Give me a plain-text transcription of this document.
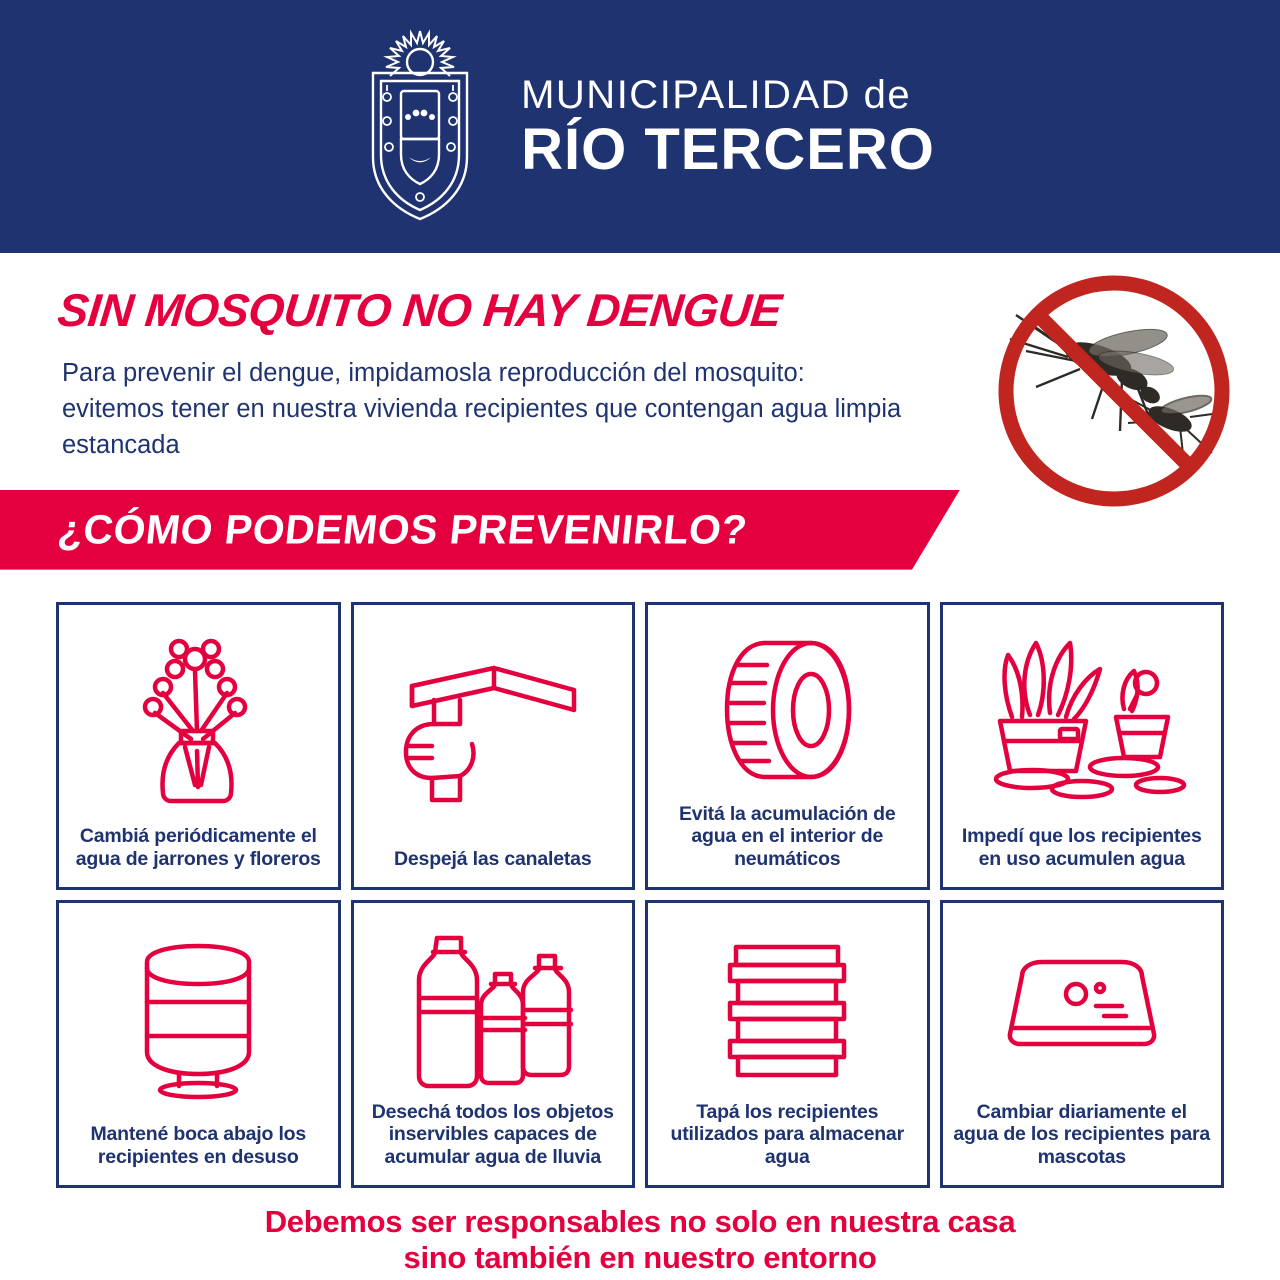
MUNICIPALIDAD de
RÍO TERCERO
SIN MOSQUITO NO HAY DENGUE

Para prevenir el dengue, impidamosla reproducción del mosquito: evitemos tener en nuestra vivienda recipientes que contengan agua limpia estancada

¿CÓMO PODEMOS PREVENIRLO?
Cambiá periódicamente el agua de jarrones y floreros	Despejá las canaletas
Evitá la acumulación de agua en el interior de neumáticos
Impedí que los recipientes en uso acumulen agua
Mantené boca abajo los recipientes en desuso
Desechá todos los objetos inservibles capaces de acumular agua de lluvia
Tapá los recipientes utilizados para almacenar agua
Cambiar diariamente el agua de los recipientes para mascotas
Debemos ser responsables no solo en nuestra casa
sino también en nuestro entorno
